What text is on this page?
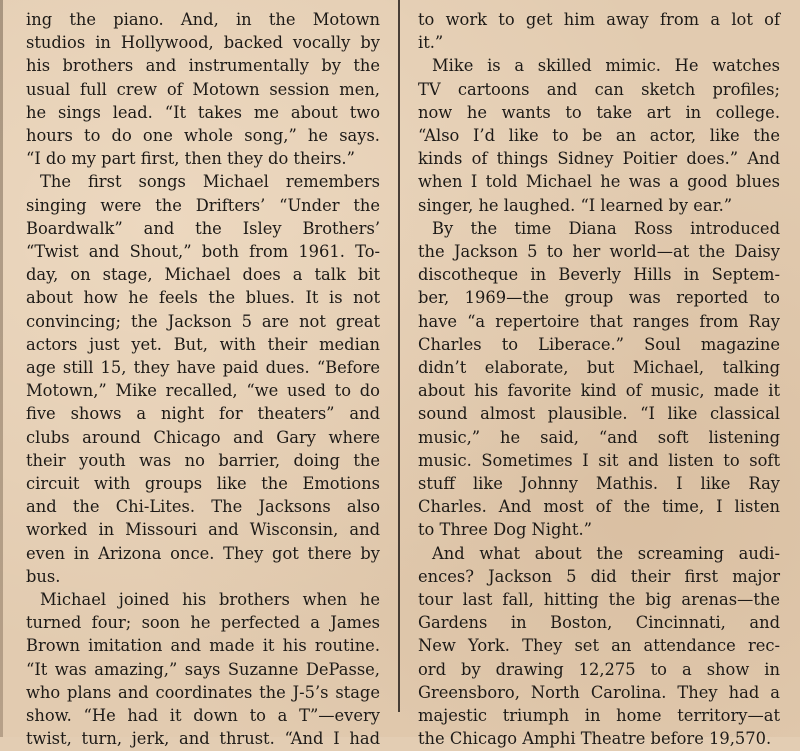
ing the piano. And, in the Motown
studios in Hollywood, backed vocally by
his brothers and instrumentally by the
usual full crew of Motown session men,
he sings lead. “It takes me about two
hours to do one whole song,” he says.
“I do my part first, then they do theirs.”
The first songs Michael remembers
singing were the Drifters’ “Under the
Boardwalk” and the Isley Brothers’
“Twist and Shout,” both from 1961. To-
day, on stage, Michael does a talk bit
about how he feels the blues. It is not
convincing; the Jackson 5 are not great
actors just yet. But, with their median
age still 15, they have paid dues. “Before
Motown,” Mike recalled, “we used to do
five shows a night for theaters” and
clubs around Chicago and Gary where
their youth was no barrier, doing the
circuit with groups like the Emotions
and the Chi-Lites. The Jacksons also
worked in Missouri and Wisconsin, and
even in Arizona once. They got there by
bus.
Michael joined his brothers when he
turned four; soon he perfected a James
Brown imitation and made it his routine.
“It was amazing,” says Suzanne DePasse,
who plans and coordinates the J-5’s stage
show. “He had it down to a T”—every
twist, turn, jerk, and thrust. “And I had
to work to get him away from a lot of
it.”
Mike is a skilled mimic. He watches
TV cartoons and can sketch profiles;
now he wants to take art in college.
“Also I’d like to be an actor, like the
kinds of things Sidney Poitier does.” And
when I told Michael he was a good blues
singer, he laughed. “I learned by ear.”
By the time Diana Ross introduced
the Jackson 5 to her world—at the Daisy
discotheque in Beverly Hills in Septem-
ber, 1969—the group was reported to
have “a repertoire that ranges from Ray
Charles to Liberace.” Soul magazine
didn’t elaborate, but Michael, talking
about his favorite kind of music, made it
sound almost plausible. “I like classical
music,” he said, “and soft listening
music. Sometimes I sit and listen to soft
stuff like Johnny Mathis. I like Ray
Charles. And most of the time, I listen
to Three Dog Night.”
And what about the screaming audi-
ences? Jackson 5 did their first major
tour last fall, hitting the big arenas—the
Gardens in Boston, Cincinnati, and
New York. They set an attendance rec-
ord by drawing 12,275 to a show in
Greensboro, North Carolina. They had a
majestic triumph in home territory—at
the Chicago Amphi Theatre before 19,570.
